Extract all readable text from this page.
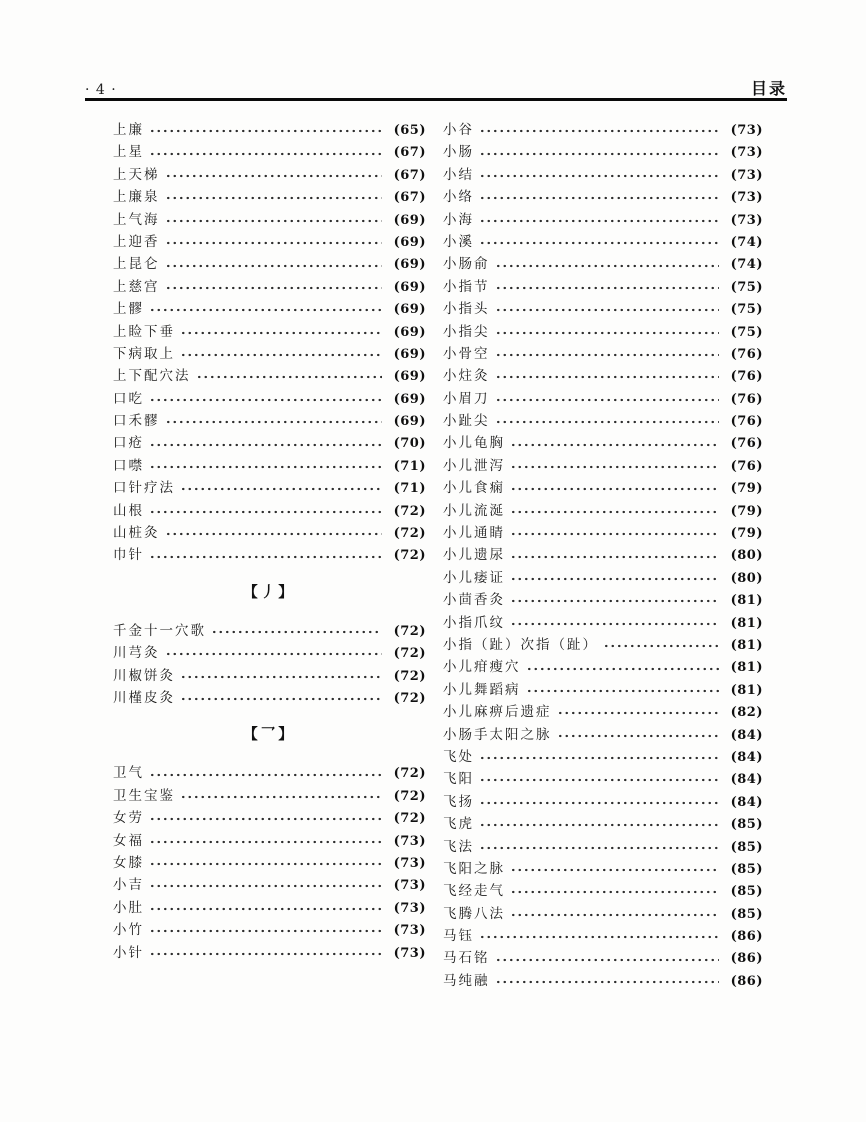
· 4 ·	目录
上廉	(65)
上星	(67)
上天梯	(67)
上廉泉	(67)
上气海	(69)
上迎香	(69)
上昆仑	(69)
上慈宫	(69)
上髎	(69)
上睑下垂	(69)
下病取上	(69)
上下配穴法	(69)
口吃	(69)
口禾髎	(69)
口疮	(70)
口噤	(71)
口针疗法	(71)
山根	(72)
山桩灸	(72)
巾针	(72)
【丿】
千金十一穴歌	(72)
川芎灸	(72)
川椒饼灸	(72)
川槿皮灸	(72)
【乛】
卫气	(72)
卫生宝鉴	(72)
女劳	(72)
女福	(73)
女膝	(73)
小吉	(73)
小肚	(73)
小竹	(73)
小针	(73)
小谷	(73)
小肠	(73)
小结	(73)
小络	(73)
小海	(73)
小溪	(74)
小肠俞	(74)
小指节	(75)
小指头	(75)
小指尖	(75)
小骨空	(76)
小炷灸	(76)
小眉刀	(76)
小趾尖	(76)
小儿龟胸	(76)
小儿泄泻	(76)
小儿食痫	(79)
小儿流涎	(79)
小儿通睛	(79)
小儿遗尿	(80)
小儿痿证	(80)
小茴香灸	(81)
小指爪纹	(81)
小指（趾）次指（趾）	(81)
小儿疳瘦穴	(81)
小儿舞蹈病	(81)
小儿麻痹后遗症	(82)
小肠手太阳之脉	(84)
飞处	(84)
飞阳	(84)
飞扬	(84)
飞虎	(85)
飞法	(85)
飞阳之脉	(85)
飞经走气	(85)
飞腾八法	(85)
马钰	(86)
马石铭	(86)
马纯融	(86)
